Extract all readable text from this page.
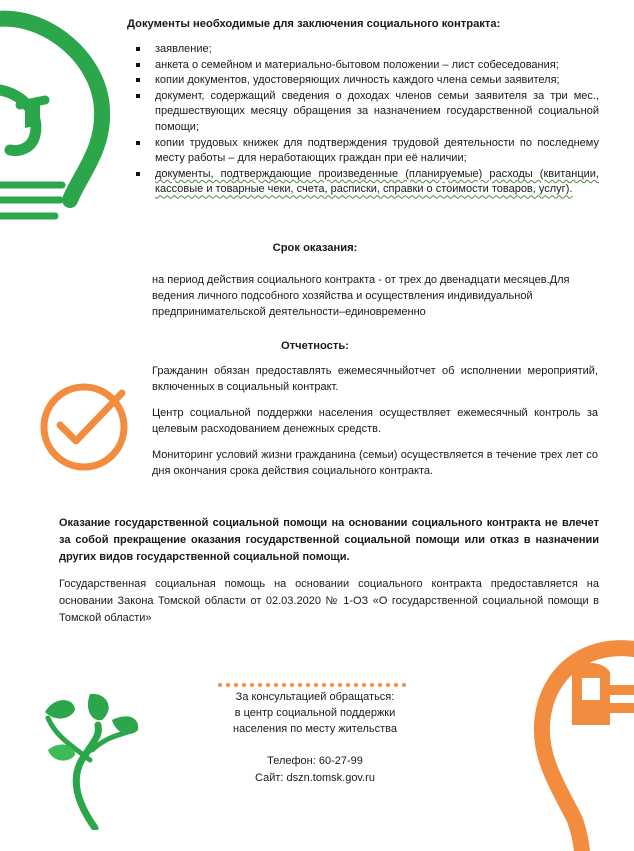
Документы необходимые для заключения социального контракта:
заявление;
анкета о семейном и материально-бытовом положении – лист собеседования;
копии документов, удостоверяющих личность каждого члена семьи заявителя;
документ, содержащий сведения о доходах членов семьи заявителя за три мес., предшествующих месяцу обращения за назначением государственной социальной помощи;
копии трудовых книжек для подтверждения трудовой деятельности по последнему месту работы – для неработающих граждан при её наличии;
документы, подтверждающие произведенные (планируемые) расходы (квитанции, кассовые и товарные чеки, счета, расписки, справки о стоимости товаров, услуг).
Срок оказания:
на период действия социального контракта - от трех до двенадцати месяцев.Для ведения личного подсобного хозяйства и осуществления индивидуальной предпринимательской деятельности–единовременно
Отчетность:
Гражданин обязан предоставлять ежемесячныйотчет об исполнении мероприятий, включенных в социальный контракт.
Центр социальной поддержки населения осуществляет ежемесячный контроль за целевым расходованием денежных средств.
Мониторинг условий жизни гражданина (семьи) осуществляется в течение трех лет со дня окончания срока действия социального контракта.
Оказание государственной социальной помощи на основании социального контракта не влечет за собой прекращение оказания государственной социальной помощи или отказ в назначении других видов государственной социальной помощи.
Государственная социальная помощь на основании социального контракта предоставляется на основании Закона Томской области от 02.03.2020 № 1-ОЗ «О государственной социальной помощи в Томской области»
За консультацией обращаться:
в центр социальной поддержки
населения по месту жительства
Телефон: 60-27-99
Сайт: dszn.tomsk.gov.ru
